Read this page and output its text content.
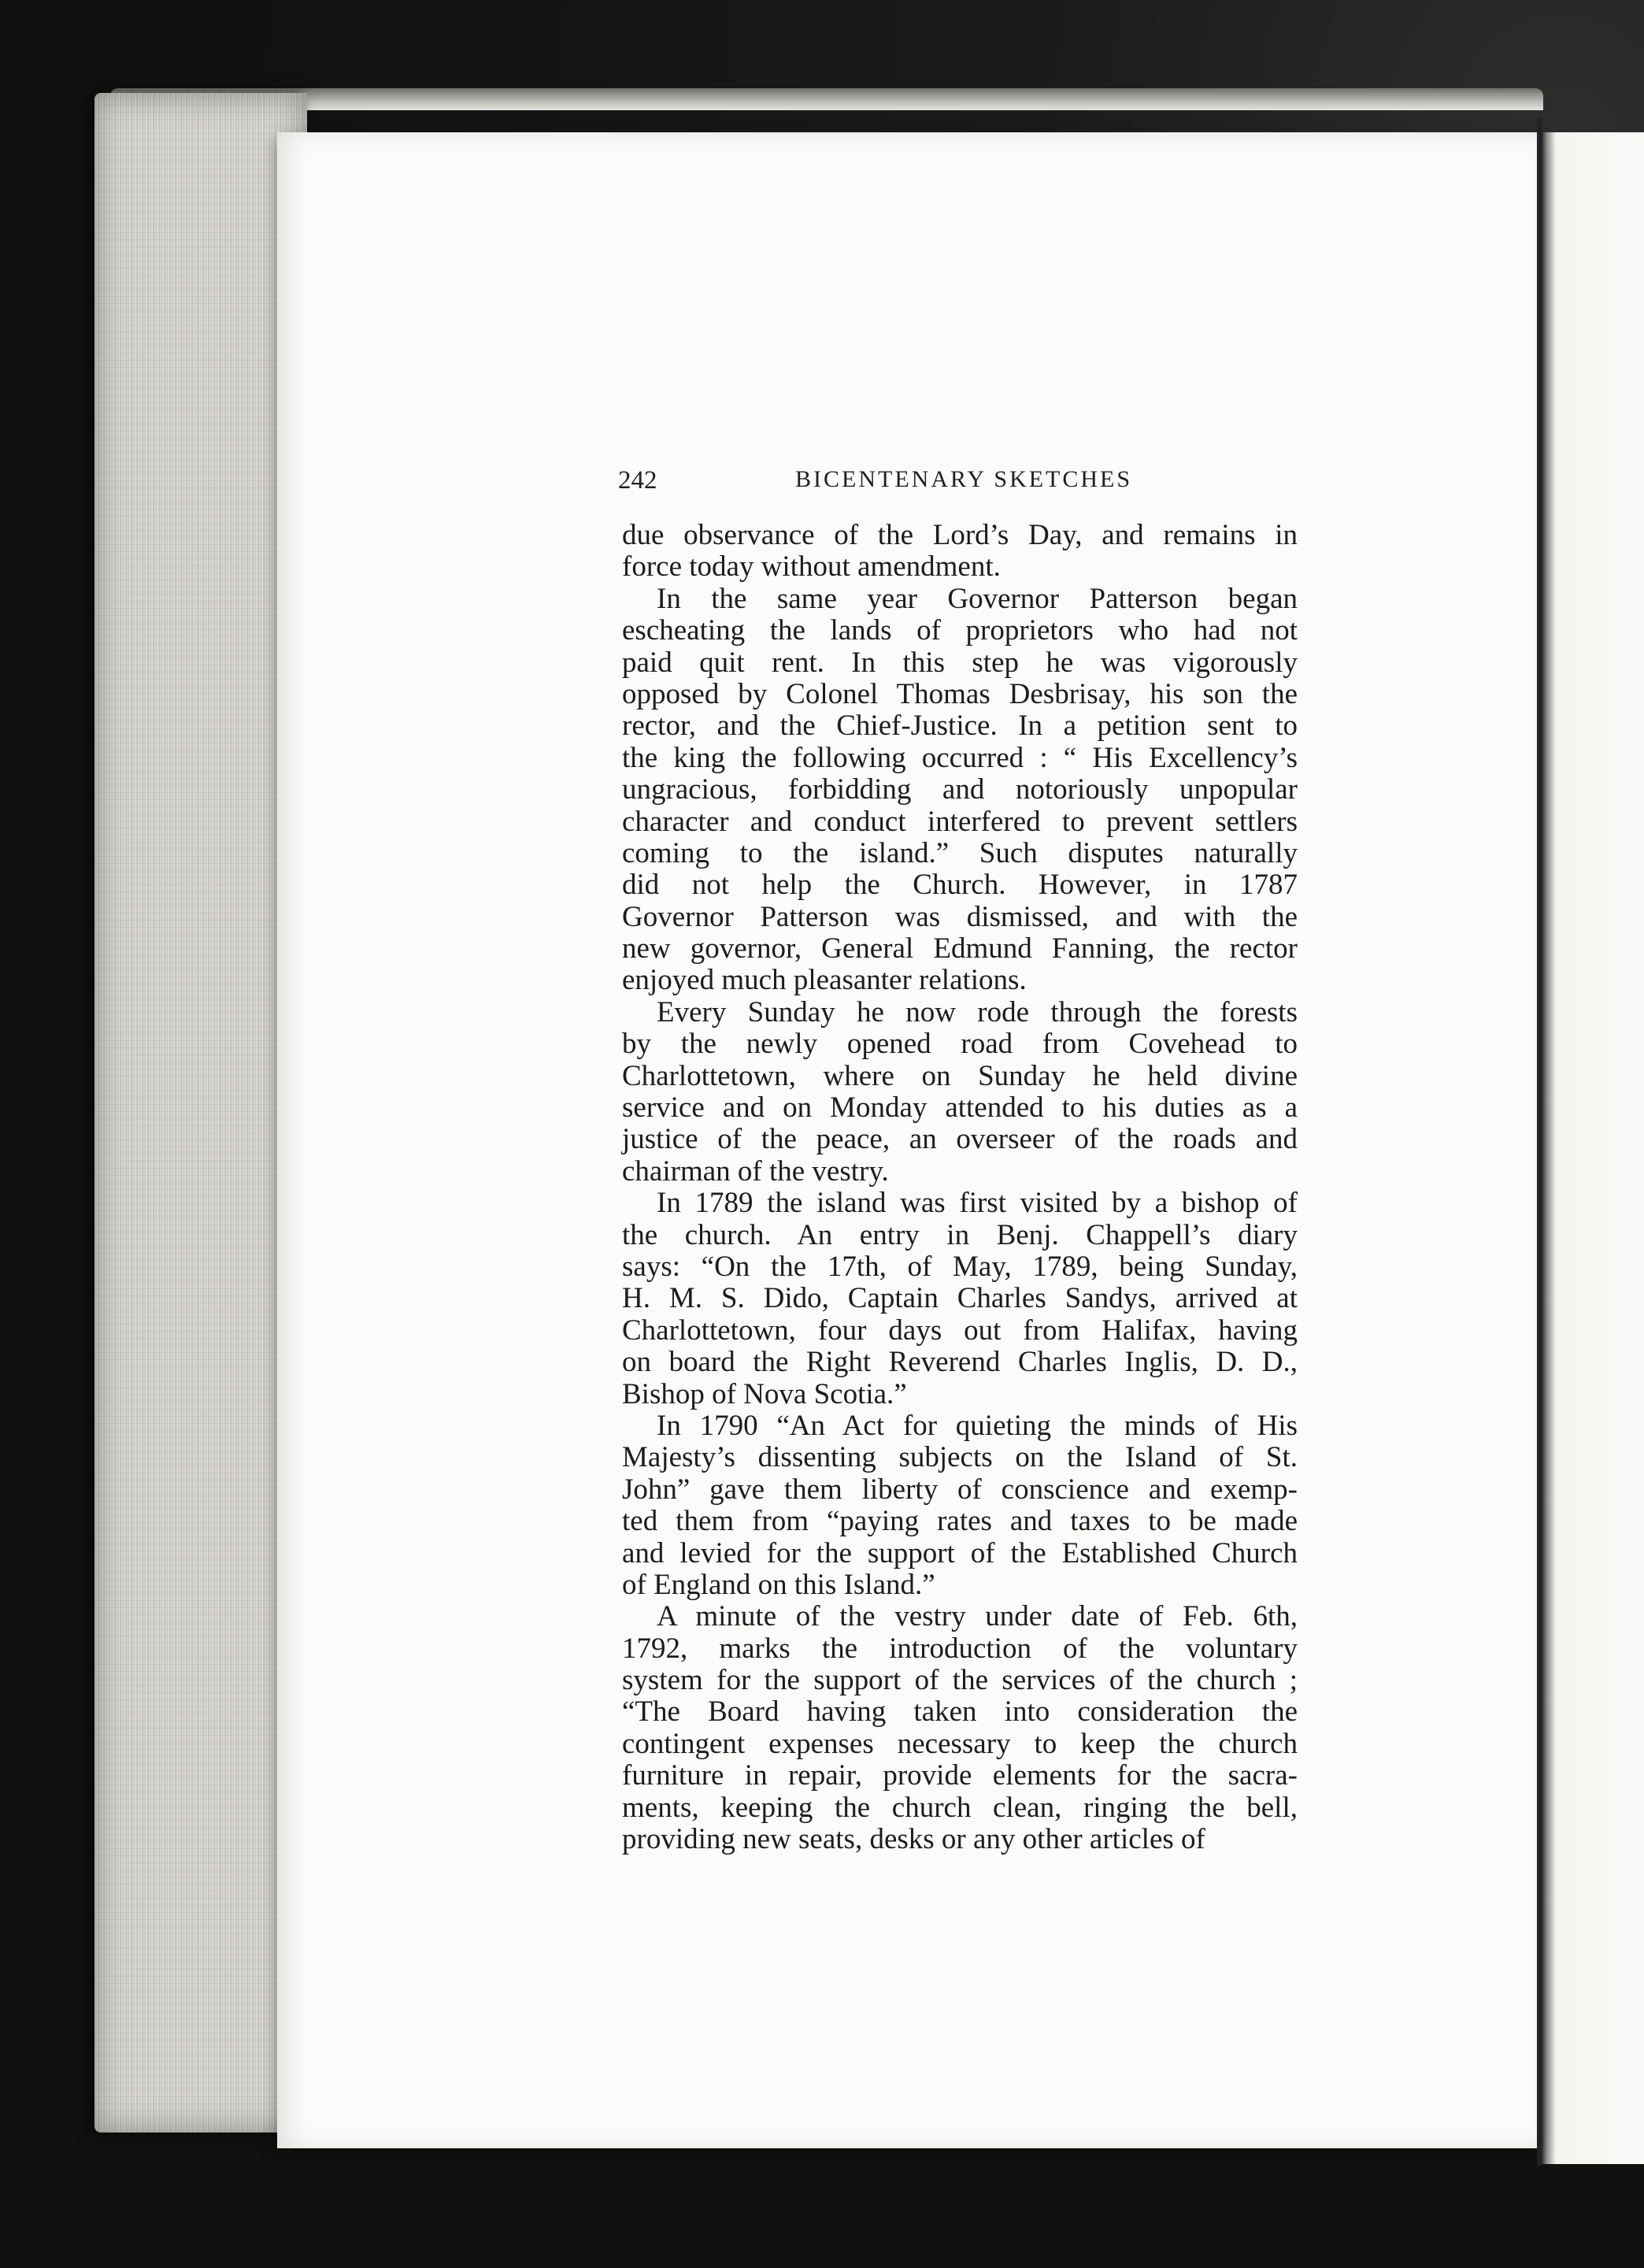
242	BICENTENARY SKETCHES
due observance of the Lord’s Day, and remains in
force today without amendment.
In the same year Governor Patterson began
escheating the lands of proprietors who had not
paid quit rent. In this step he was vigorously
opposed by Colonel Thomas Desbrisay, his son the
rector, and the Chief-Justice. In a petition sent to
the king the following occurred : “ His Excellency’s
ungracious, forbidding and notoriously unpopular
character and conduct interfered to prevent settlers
coming to the island.” Such disputes naturally
did not help the Church. However, in 1787
Governor Patterson was dismissed, and with the
new governor, General Edmund Fanning, the rector
enjoyed much pleasanter relations.
Every Sunday he now rode through the forests
by the newly opened road from Covehead to
Charlottetown, where on Sunday he held divine
service and on Monday attended to his duties as a
justice of the peace, an overseer of the roads and
chairman of the vestry.
In 1789 the island was first visited by a bishop of
the church. An entry in Benj. Chappell’s diary
says: “On the 17th, of May, 1789, being Sunday,
H. M. S. Dido, Captain Charles Sandys, arrived at
Charlottetown, four days out from Halifax, having
on board the Right Reverend Charles Inglis, D. D.,
Bishop of Nova Scotia.”
In 1790 “An Act for quieting the minds of His
Majesty’s dissenting subjects on the Island of St.
John” gave them liberty of conscience and exemp-
ted them from “paying rates and taxes to be made
and levied for the support of the Established Church
of England on this Island.”
A minute of the vestry under date of Feb. 6th,
1792, marks the introduction of the voluntary
system for the support of the services of the church ;
“The Board having taken into consideration the
contingent expenses necessary to keep the church
furniture in repair, provide elements for the sacra-
ments, keeping the church clean, ringing the bell,
providing new seats, desks or any other articles of
